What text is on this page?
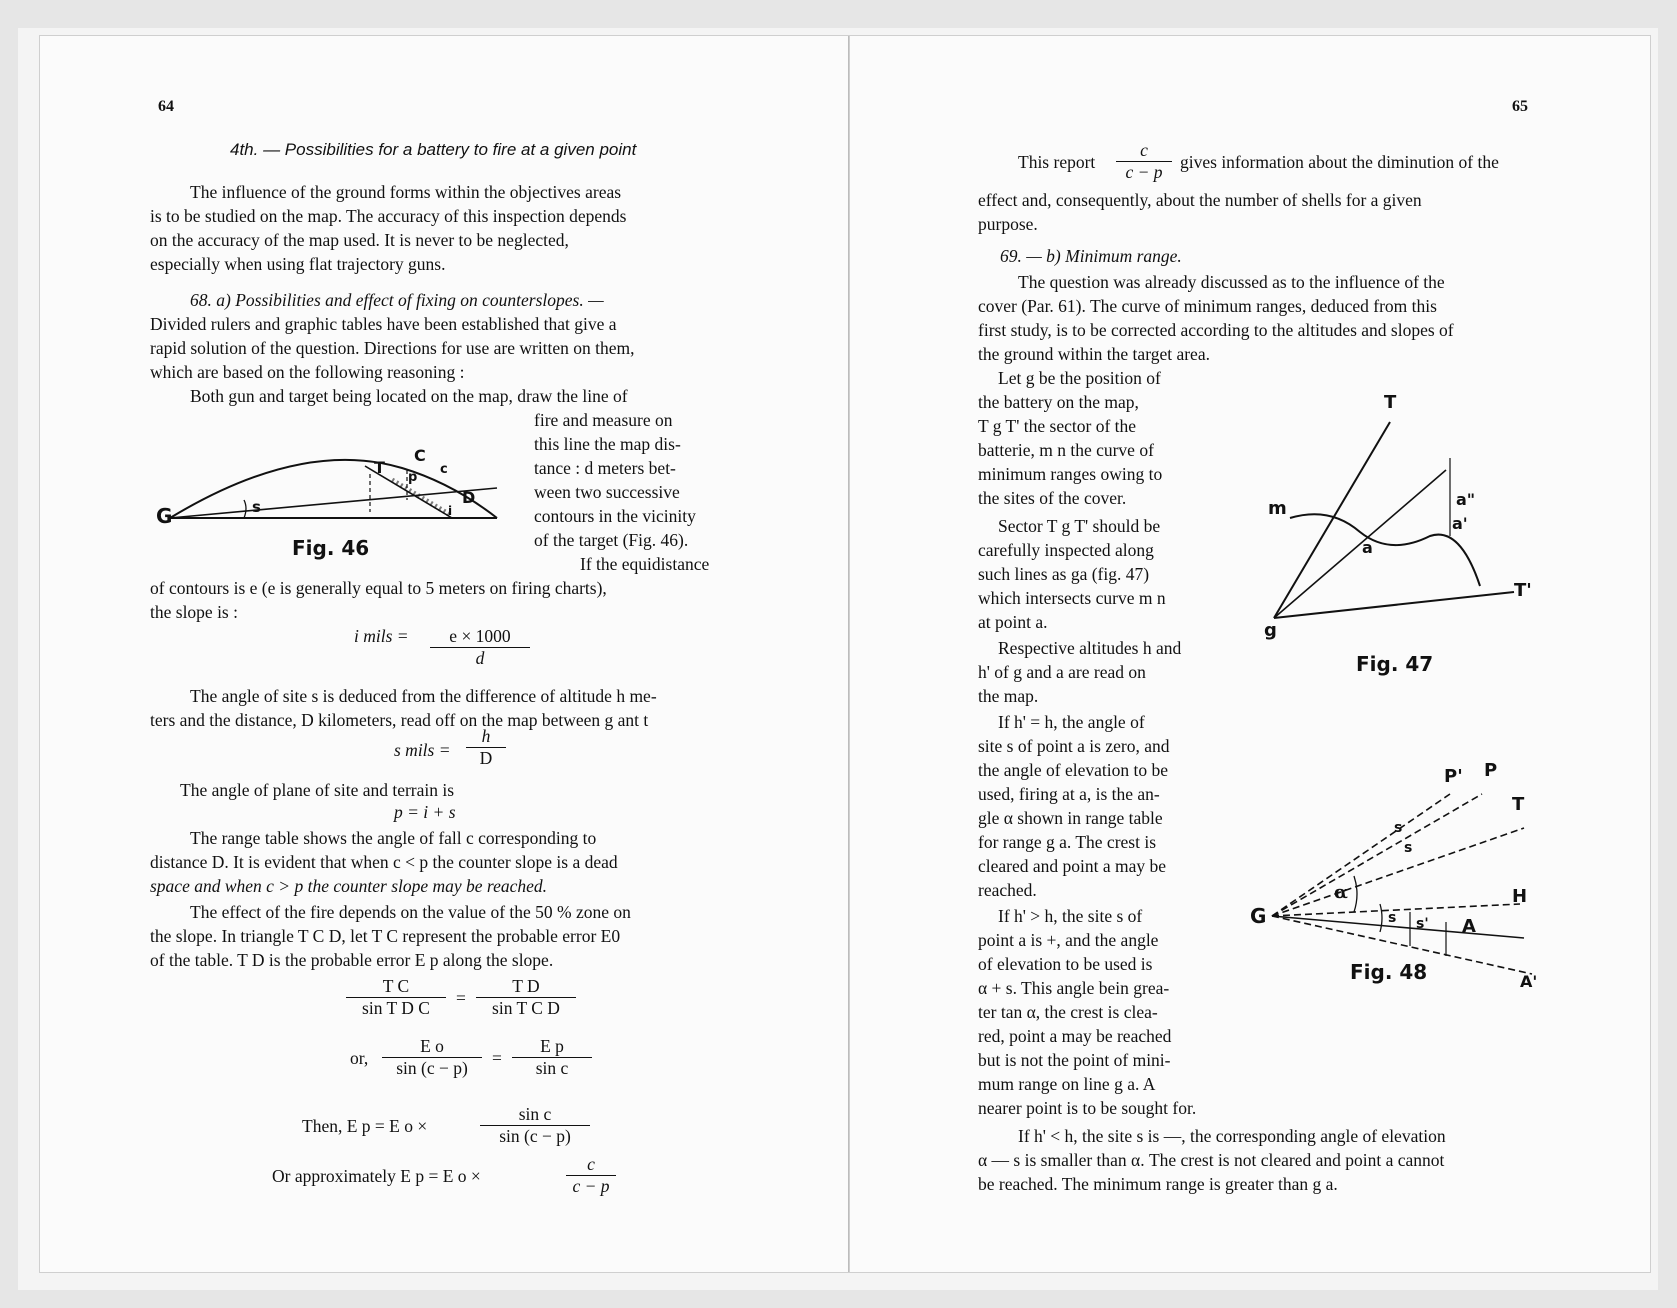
64
4th. — Possibilities for a battery to fire at a given point
The influence of the ground forms within the objectives areas
is to be studied on the map. The accuracy of this inspection depends
on the accuracy of the map used. It is never to be neglected,
especially when using flat trajectory guns.
68. a) Possibilities and effect of fixing on counterslopes. —
Divided rulers and graphic tables have been established that give a
rapid solution of the question. Directions for use are written on them,
which are based on the following reasoning :
Both gun and target being located on the map, draw the line of
fire and measure on
this line the map dis-
tance : d meters bet-
ween two successive
contours in the vicinity
of the target (Fig. 46).
If the equidistance
G	s
T
C
c
p
D
i
Fig. 46
of contours is e (e is generally equal to 5 meters on firing charts),
the slope is :
i mils = $\frac{e \times 1000}{d}$
The angle of site s is deduced from the difference of altitude h me-
ters and the distance, D kilometers, read off on the map between g ant t
s mils = $\frac{h}{D}$
The angle of plane of site and terrain is
p = i + s
The range table shows the angle of fall c corresponding to
distance D. It is evident that when c < p the counter slope is a dead
space and when c > p the counter slope may be reached.
The effect of the fire depends on the value of the 50 % zone on
the slope. In triangle T C D, let T C represent the probable error E0
of the table. T D is the probable error E p along the slope.
$\frac{\text{T C}}{\text{sin T D C}} = \frac{\text{T D}}{\text{sin T C D}}$
or, $\frac{\text{E o}}{\sin (c - p)} = \frac{\text{E p}}{\text{sin c}}$
Then, E p = E o ×	$\frac{\text{sin c}}{\sin (c - p)}$
Or approximately E p = E o ×	$\frac{c}{c - p}$
65
This report $\frac{c}{c - p}$ gives information about the diminution of the
effect and, consequently, about the number of shells for a given
purpose.
69. — b) Minimum range.
The question was already discussed as to the influence of the
cover (Par. 61). The curve of minimum ranges, deduced from this
first study, is to be corrected according to the altitudes and slopes of
the ground within the target area.
Let g be the position of
the battery on the map,
T g T' the sector of the
batterie, m n the curve of
minimum ranges owing to
the sites of the cover.
Sector T g T' should be
carefully inspected along
such lines as ga (fig. 47)
which intersects curve m n
at point a.
Respective altitudes h and
h' of g and a are read on
the map.
If h' = h, the angle of
site s of point a is zero, and
the angle of elevation to be
used, firing at a, is the an-
gle α shown in range table
for range g a. The crest is
cleared and point a may be
reached.
If h' > h, the site s of
point a is +, and the angle
of elevation to be used is
α + s. This angle bein grea-
ter tan α, the crest is clea-
red, point a may be reached
but is not the point of mini-
mum range on line g a. A
nearer point is to be sought for.
If h' < h, the site s is —, the corresponding angle of elevation
α — s is smaller than α. The crest is not cleared and point a cannot
be reached. The minimum range is greater than g a.
T
m	a"
a'
a
T'
g
Fig. 47
P' P
T
s
s
α
G
H
s s' A
A'
Fig. 48
